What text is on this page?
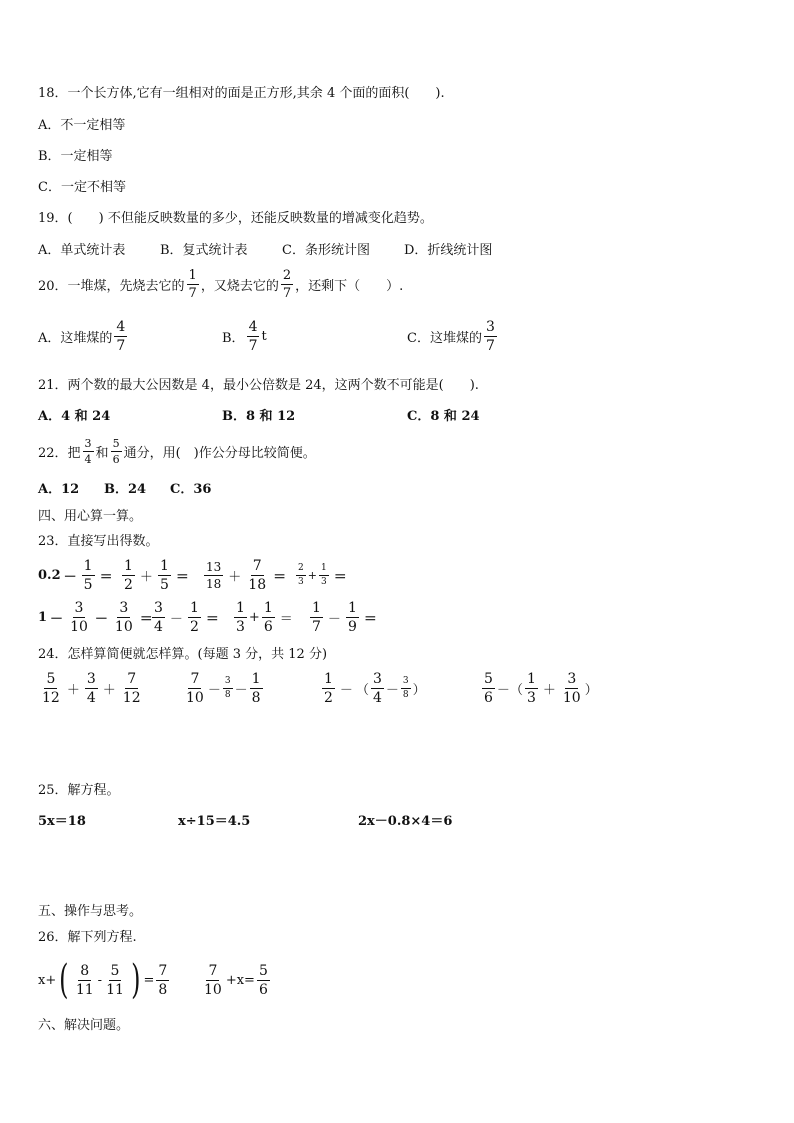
18．一个长方体,它有一组相对的面是正方形,其余 4 个面的面积(　　).
A．不一定相等
B．一定相等
C．一定不相等
19．(　　) 不但能反映数量的多少，还能反映数量的增减变化趋势。
A．单式统计表	B．复式统计表	C．条形统计图	D．折线统计图
20．一堆煤，先烧去它的 $\frac{1}{7}$ ，又烧去它的 $\frac{2}{7}$ ，还剩下（　　）.
A．这堆煤的 $\frac{4}{7}$	B． $\frac{4}{7}$ t	C．这堆煤的 $\frac{3}{7}$
21．两个数的最大公因数是 4，最小公倍数是 24，这两个数不可能是(　　).
A．4 和 24	B．8 和 12	C．8 和 24
22．把 $\frac{3}{4}$ 和 $\frac{5}{6}$ 通分，用(　)作公分母比较简便。
A．12 B．24 C．36
四、用心算一算。
23．直接写出得数。
$0.2 - \frac{1}{5} = \frac{1}{2} + \frac{1}{5} = \frac{13}{18} + \frac{7}{18} = \frac{2}{3} + \frac{1}{3}$ ＝
$1 - \frac{3}{10} - \frac{3}{10} = \frac{3}{4} - \frac{1}{2} = \frac{1}{3} + \frac{1}{6} = \frac{1}{7} - \frac{1}{9}$ ＝
24．怎样算简便就怎样算。(每题 3 分，共 12 分)
$\frac{5}{12} + \frac{3}{4} + \frac{7}{12}$	$\frac{7}{10} - \frac{3}{8} - \frac{1}{8}$	$\frac{1}{2}$ － （ $\frac{3}{4} - \frac{3}{8}$ ）	$\frac{5}{6}$ － （ $\frac{1}{3} + \frac{3}{10}$ ）
25．解方程。
5x＝18	x÷15＝4.5	2x－0.8×4＝6
五、操作与思考。
26．解下列方程.
x+ ( $\frac{8}{11} - \frac{5}{11}$ ) = $\frac{7}{8} \frac{7}{10} +x= \frac{5}{6}$
六、解决问题。
